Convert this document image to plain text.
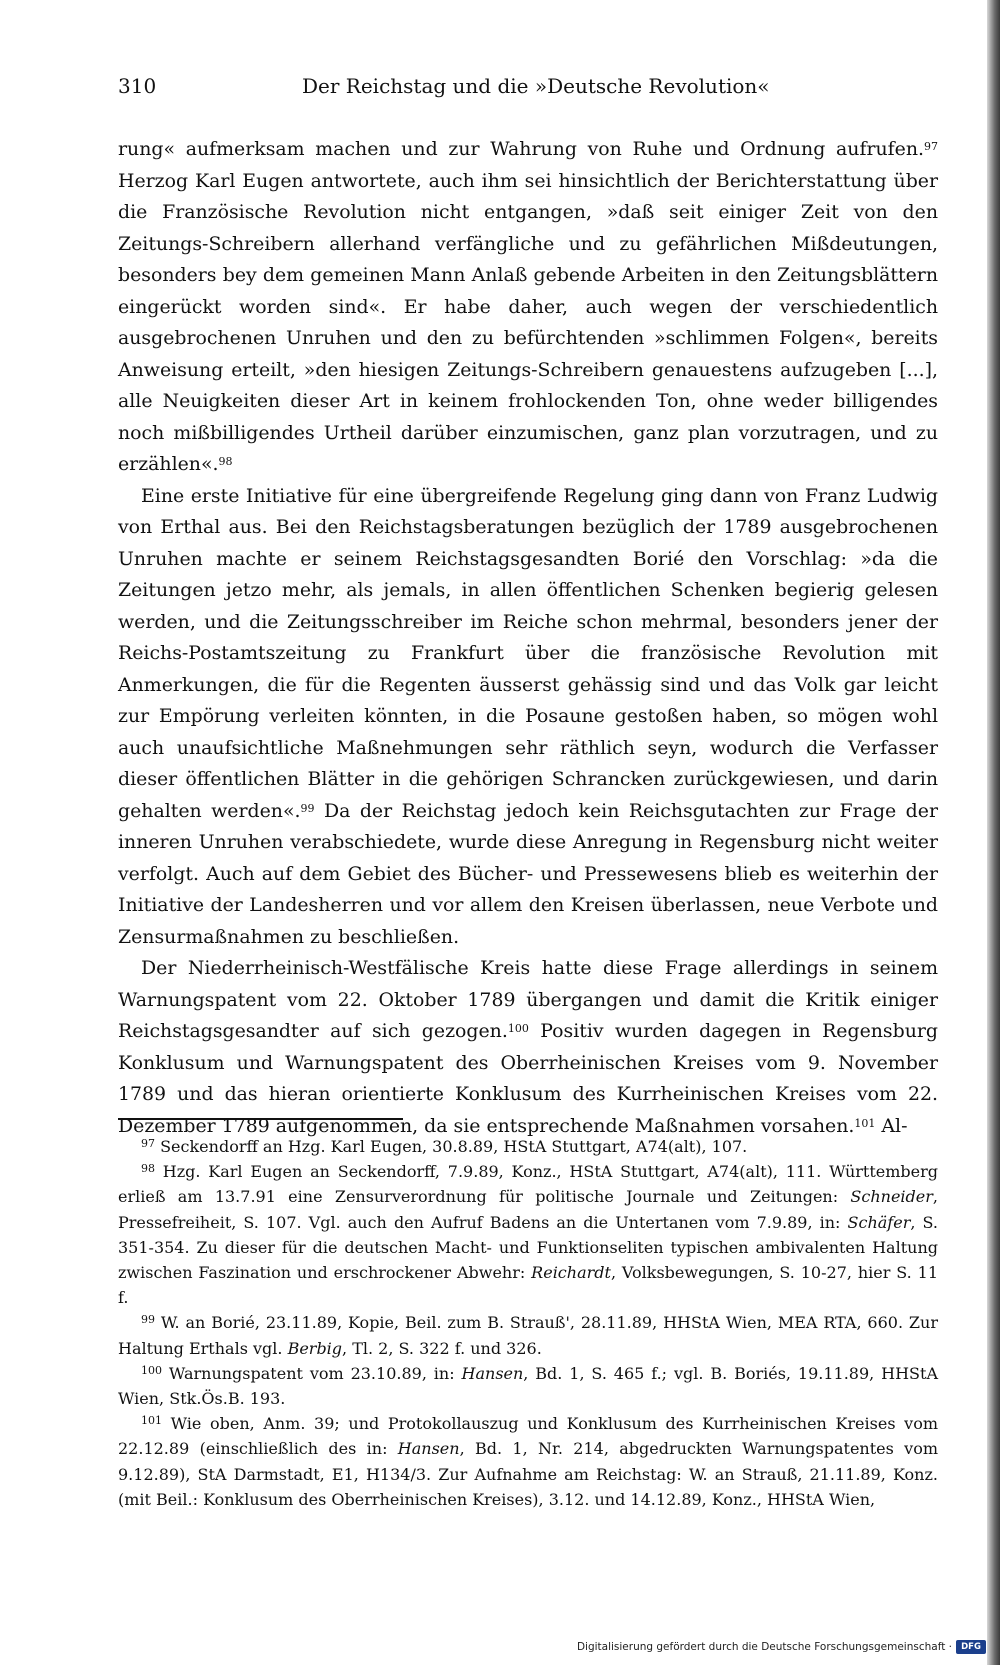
310	Der Reichstag und die »Deutsche Revolution«

rung« aufmerksam machen und zur Wahrung von Ruhe und Ordnung aufrufen.$^{97}$ Herzog Karl Eugen antwortete, auch ihm sei hinsichtlich der Berichterstattung über die Französische Revolution nicht entgangen, »daß seit einiger Zeit von den Zeitungs-Schreibern allerhand verfängliche und zu gefährlichen Mißdeutungen, besonders bey dem gemeinen Mann Anlaß gebende Arbeiten in den Zeitungsblättern eingerückt worden sind«. Er habe daher, auch wegen der verschiedentlich ausgebrochenen Unruhen und den zu befürchtenden »schlimmen Folgen«, bereits Anweisung erteilt, »den hiesigen Zeitungs-Schreibern genauestens aufzugeben [...], alle Neuigkeiten dieser Art in keinem frohlockenden Ton, ohne weder billigendes noch mißbilligendes Urtheil darüber einzumischen, ganz plan vorzutragen, und zu erzählen«.$^{98}$

Eine erste Initiative für eine übergreifende Regelung ging dann von Franz Ludwig von Erthal aus. Bei den Reichstagsberatungen bezüglich der 1789 ausgebrochenen Unruhen machte er seinem Reichstagsgesandten Borié den Vorschlag: »da die Zeitungen jetzo mehr, als jemals, in allen öffentlichen Schenken begierig gelesen werden, und die Zeitungsschreiber im Reiche schon mehrmal, besonders jener der Reichs-Postamtszeitung zu Frankfurt über die französische Revolution mit Anmerkungen, die für die Regenten äusserst gehässig sind und das Volk gar leicht zur Empörung verleiten könnten, in die Posaune gestoßen haben, so mögen wohl auch unaufsichtliche Maßnehmungen sehr räthlich seyn, wodurch die Verfasser dieser öffentlichen Blätter in die gehörigen Schrancken zurückgewiesen, und darin gehalten werden«.$^{99}$ Da der Reichstag jedoch kein Reichsgutachten zur Frage der inneren Unruhen verabschiedete, wurde diese Anregung in Regensburg nicht weiter verfolgt. Auch auf dem Gebiet des Bücher- und Pressewesens blieb es weiterhin der Initiative der Landesherren und vor allem den Kreisen überlassen, neue Verbote und Zensurmaßnahmen zu beschließen.

Der Niederrheinisch-Westfälische Kreis hatte diese Frage allerdings in seinem Warnungspatent vom 22. Oktober 1789 übergangen und damit die Kritik einiger Reichstagsgesandter auf sich gezogen.$^{100}$ Positiv wurden dagegen in Regensburg Konklusum und Warnungspatent des Oberrheinischen Kreises vom 9. November 1789 und das hieran orientierte Konklusum des Kurrheinischen Kreises vom 22. Dezember 1789 aufgenommen, da sie entsprechende Maßnahmen vorsahen.$^{101}$ Al-

$^{97}$ Seckendorff an Hzg. Karl Eugen, 30.8.89, HStA Stuttgart, A74(alt), 107.

$^{98}$ Hzg. Karl Eugen an Seckendorff, 7.9.89, Konz., HStA Stuttgart, A74(alt), 111. Württemberg erließ am 13.7.91 eine Zensurverordnung für politische Journale und Zeitungen: Schneider, Pressefreiheit, S. 107. Vgl. auch den Aufruf Badens an die Untertanen vom 7.9.89, in: Schäfer, S. 351-354. Zu dieser für die deutschen Macht- und Funktionseliten typischen ambivalenten Haltung zwischen Faszination und erschrockener Abwehr: Reichardt, Volksbewegungen, S. 10-27, hier S. 11 f.

$^{99}$ W. an Borié, 23.11.89, Kopie, Beil. zum B. Strauß', 28.11.89, HHStA Wien, MEA RTA, 660. Zur Haltung Erthals vgl. Berbig, Tl. 2, S. 322 f. und 326.

$^{100}$ Warnungspatent vom 23.10.89, in: Hansen, Bd. 1, S. 465 f.; vgl. B. Boriés, 19.11.89, HHStA Wien, Stk.Ös.B. 193.

$^{101}$ Wie oben, Anm. 39; und Protokollauszug und Konklusum des Kurrheinischen Kreises vom 22.12.89 (einschließlich des in: Hansen, Bd. 1, Nr. 214, abgedruckten Warnungspatentes vom 9.12.89), StA Darmstadt, E1, H134/3. Zur Aufnahme am Reichstag: W. an Strauß, 21.11.89, Konz. (mit Beil.: Konklusum des Oberrheinischen Kreises), 3.12. und 14.12.89, Konz., HHStA Wien,

Digitalisierung gefördert durch die Deutsche Forschungsgemeinschaft ·	DFG
